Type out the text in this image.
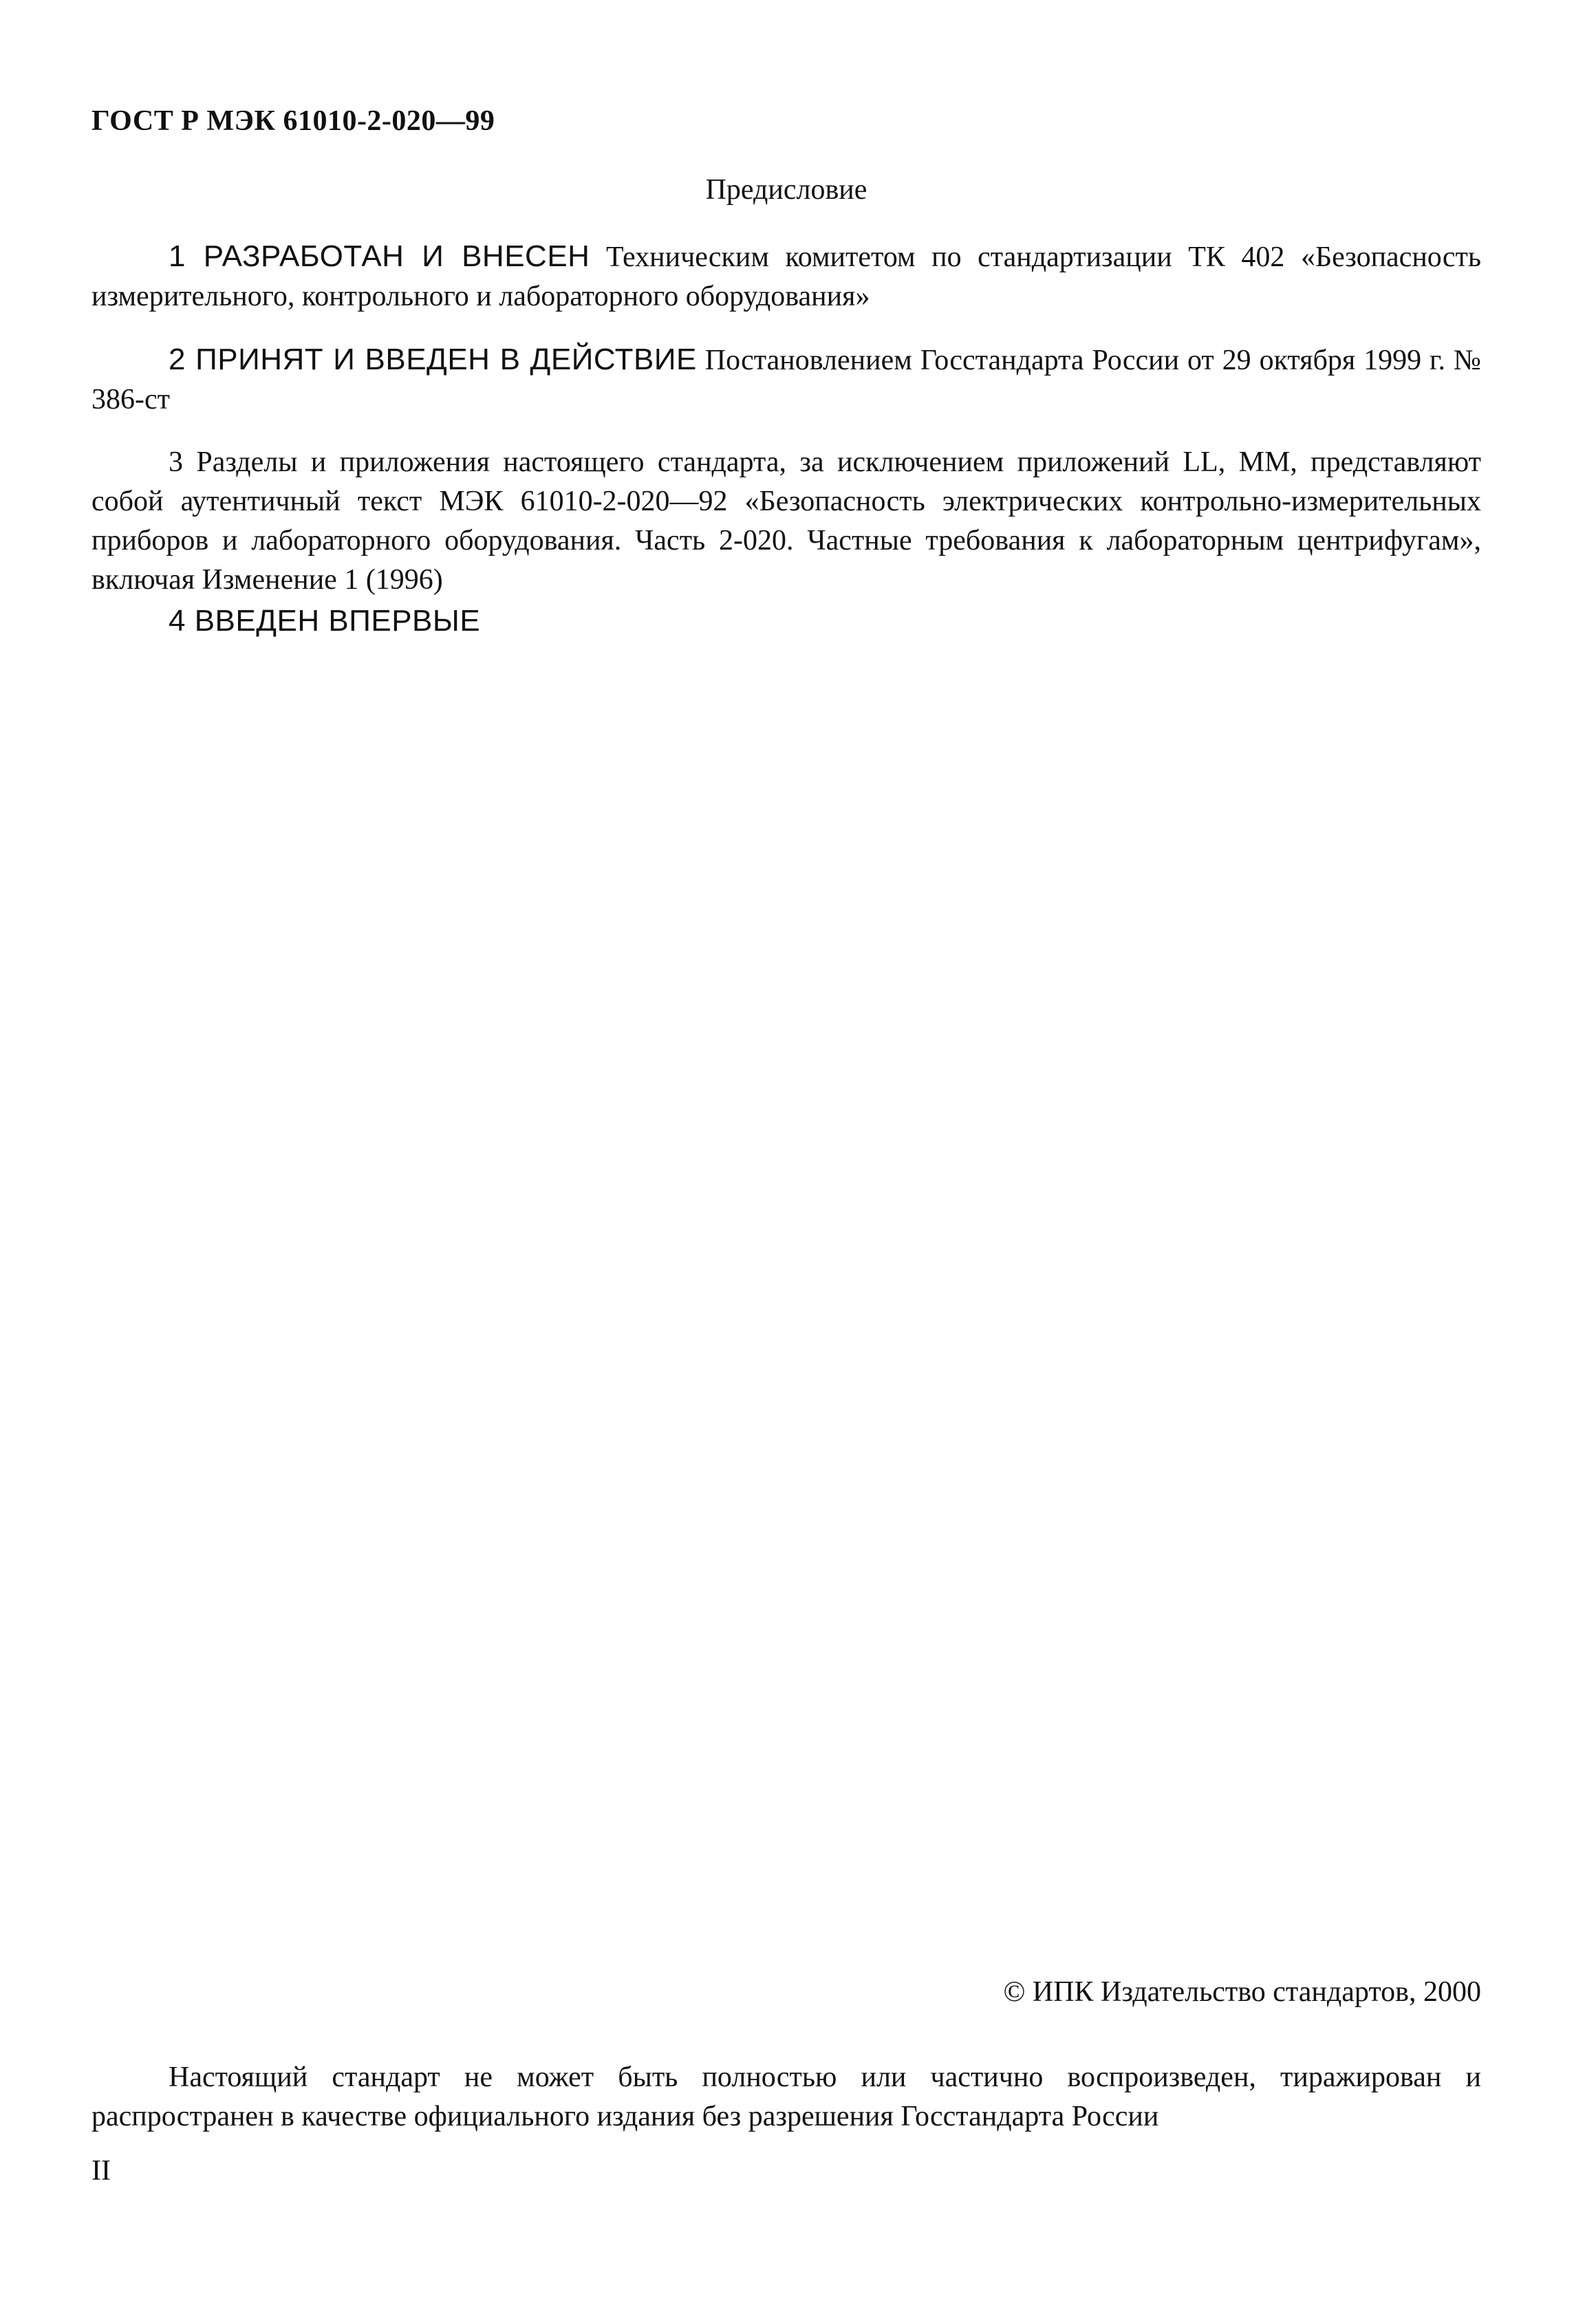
ГОСТ Р МЭК 61010-2-020—99
Предисловие

1 РАЗРАБОТАН И ВНЕСЕН Техническим комитетом по стандартизации ТК 402 «Безопасность измерительного, контрольного и лабораторного оборудования»

2 ПРИНЯТ И ВВЕДЕН В ДЕЙСТВИЕ Постановлением Госстандарта России от 29 октября 1999 г. № 386-ст

3 Разделы и приложения настоящего стандарта, за исключением приложений LL, MM, представляют собой аутентичный текст МЭК 61010-2-020—92 «Безопасность электрических контрольно-измерительных приборов и лабораторного оборудования. Часть 2-020. Частные требования к лабораторным центрифугам», включая Изменение 1 (1996)

4 ВВЕДЕН ВПЕРВЫЕ

© ИПК Издательство стандартов, 2000

Настоящий стандарт не может быть полностью или частично воспроизведен, тиражирован и распространен в качестве официального издания без разрешения Госстандарта России

II
